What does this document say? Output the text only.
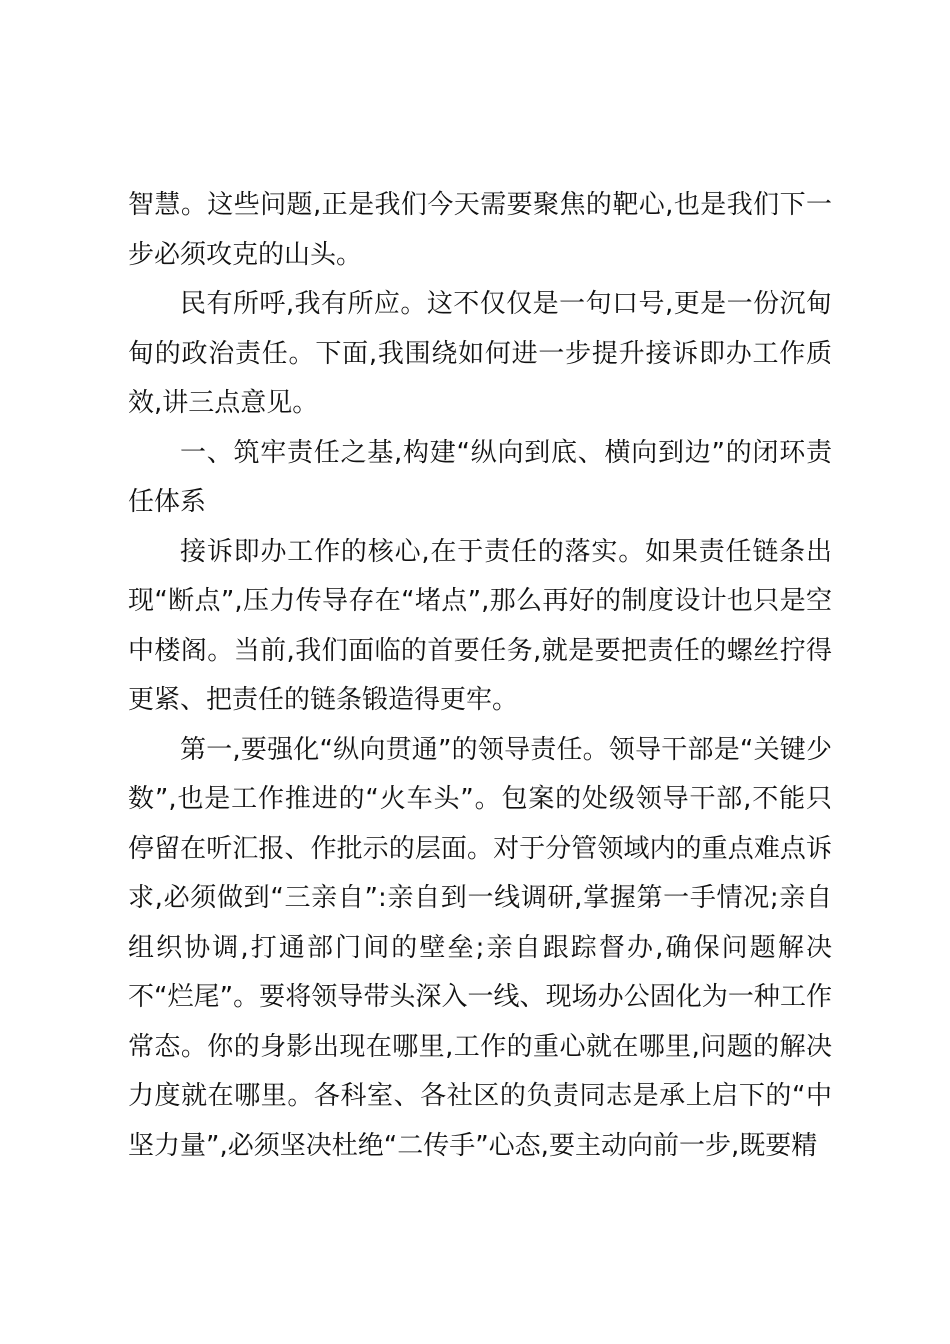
智慧。这些问题,正是我们今天需要聚焦的靶心,也是我们下一步必须攻克的山头。

民有所呼,我有所应。这不仅仅是一句口号,更是一份沉甸甸的政治责任。下面,我围绕如何进一步提升接诉即办工作质效,讲三点意见。

一、筑牢责任之基,构建“纵向到底、横向到边”的闭环责任体系

接诉即办工作的核心,在于责任的落实。如果责任链条出现“断点”,压力传导存在“堵点”,那么再好的制度设计也只是空中楼阁。当前,我们面临的首要任务,就是要把责任的螺丝拧得更紧、把责任的链条锻造得更牢。

第一,要强化“纵向贯通”的领导责任。领导干部是“关键少数”,也是工作推进的“火车头”。包案的处级领导干部,不能只停留在听汇报、作批示的层面。对于分管领域内的重点难点诉求,必须做到“三亲自”:亲自到一线调研,掌握第一手情况;亲自组织协调,打通部门间的壁垒;亲自跟踪督办,确保问题解决不“烂尾”。要将领导带头深入一线、现场办公固化为一种工作常态。你的身影出现在哪里,工作的重心就在哪里,问题的解决力度就在哪里。各科室、各社区的负责同志是承上启下的“中坚力量”,必须坚决杜绝“二传手”心态,要主动向前一步,既要精
